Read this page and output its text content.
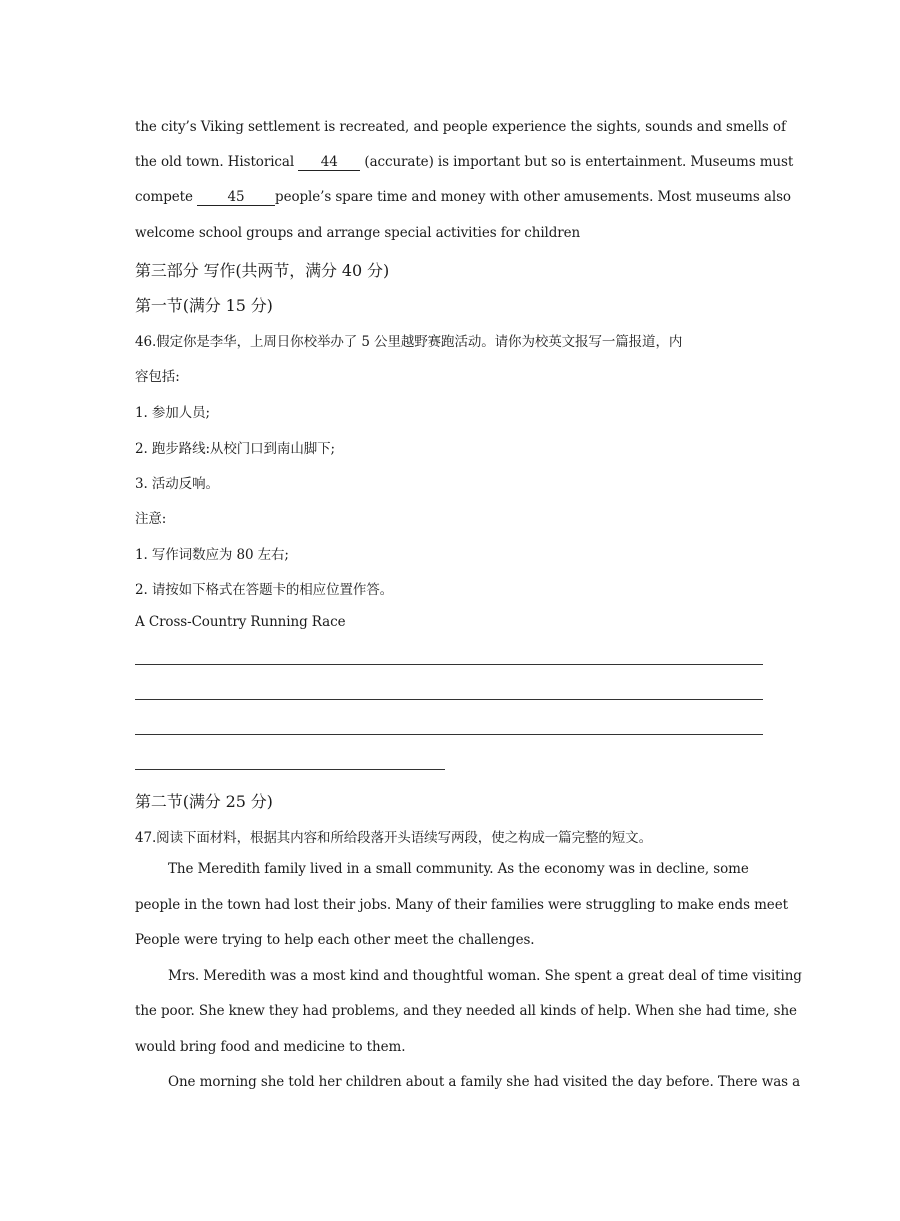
the city’s Viking settlement is recreated, and people experience the sights, sounds and smells of
the old town. Historical 44 (accurate) is important but so is entertainment. Museums must
compete 45 people’s spare time and money with other amusements. Most museums also
welcome school groups and arrange special activities for children
第三部分 写作(共两节，满分 40 分)
第一节(满分 15 分)
46.假定你是李华，上周日你校举办了 5 公里越野赛跑活动。请你为校英文报写一篇报道，内
容包括:
1. 参加人员;
2. 跑步路线:从校门口到南山脚下;
3. 活动反响。
注意:
1. 写作词数应为 80 左右;
2. 请按如下格式在答题卡的相应位置作答。
A Cross-Country Running Race
第二节(满分 25 分)
47.阅读下面材料，根据其内容和所给段落开头语续写两段，使之构成一篇完整的短文。
The Meredith family lived in a small community. As the economy was in decline, some
people in the town had lost their jobs. Many of their families were struggling to make ends meet
People were trying to help each other meet the challenges.
Mrs. Meredith was a most kind and thoughtful woman. She spent a great deal of time visiting
the poor. She knew they had problems, and they needed all kinds of help. When she had time, she
would bring food and medicine to them.
One morning she told her children about a family she had visited the day before. There was a
